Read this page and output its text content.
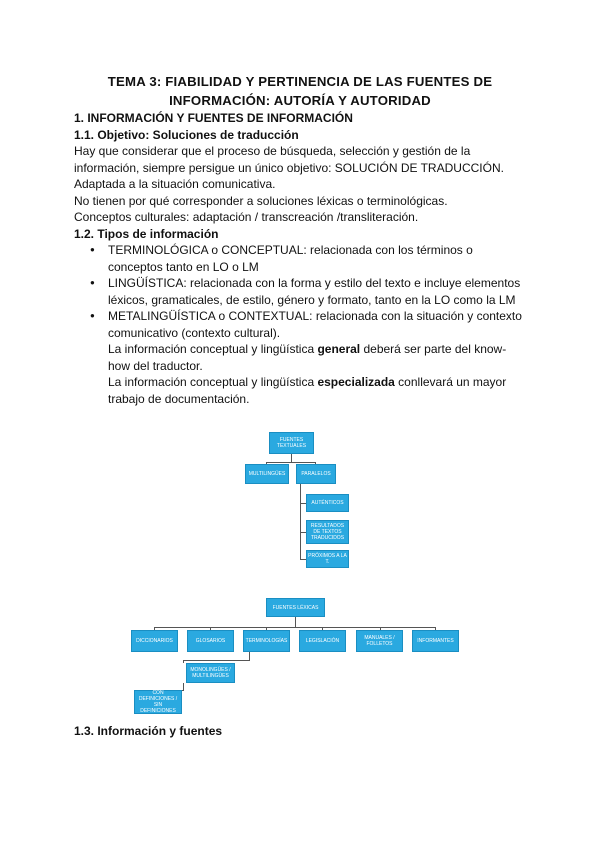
TEMA 3: FIABILIDAD Y PERTINENCIA DE LAS FUENTES DE
INFORMACIÓN: AUTORÍA Y AUTORIDAD
1. INFORMACIÓN Y FUENTES DE INFORMACIÓN
1.1. Objetivo: Soluciones de traducción
Hay que considerar que el proceso de búsqueda, selección y gestión de la
información, siempre persigue un único objetivo: SOLUCIÓN DE TRADUCCIÓN.
Adaptada a la situación comunicativa.
No tienen por qué corresponder a soluciones léxicas o terminológicas.
Conceptos culturales: adaptación / transcreación /transliteración.
1.2. Tipos de información
● TERMINOLÓGICA o CONCEPTUAL: relacionada con los términos o
conceptos tanto en LO o LM
● LINGÜÍSTICA: relacionada con la forma y estilo del texto e incluye elementos
léxicos, gramaticales, de estilo, género y formato, tanto en la LO como la LM
● METALINGÜÍSTICA o CONTEXTUAL: relacionada con la situación y contexto
comunicativo (contexto cultural).
La información conceptual y lingüística general deberá ser parte del know-
how del traductor.
La información conceptual y lingüística especializada conllevará un mayor
trabajo de documentación.
FUENTES TEXTUALES
MULTILINGÜES	PARALELOS
AUTÉNTICOS
RESULTADOS DE TEXTOS TRADUCIDOS
PRÓXIMOS A LA T.
FUENTES LÉXICAS
DICCIONARIOS	GLOSARIOS	TERMINOLOGÍAS	LEGISLACIÓN	MANUALES / FOLLETOS	INFORMANTES
MONOLINGÜES / MULTILINGÜES
CON DEFINICIONES / SIN DEFINICIONES
1.3. Información y fuentes
